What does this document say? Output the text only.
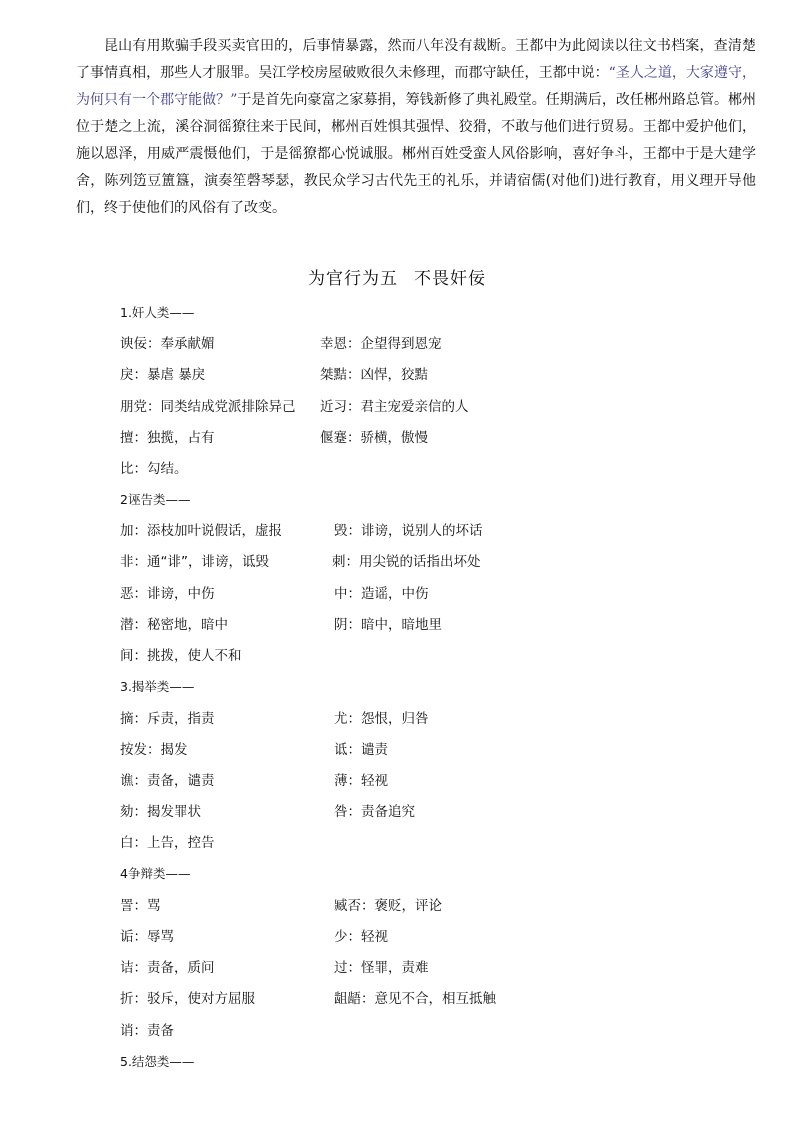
昆山有用欺骗手段买卖官田的，后事情暴露，然而八年没有裁断。王都中为此阅读以往文书档案，查清楚了事情真相，那些人才服罪。吴江学校房屋破败很久未修理，而郡守缺任，王都中说：“圣人之道，大家遵守，为何只有一个郡守能做？”于是首先向豪富之家募捐，筹钱新修了典礼殿堂。任期满后，改任郴州路总管。郴州位于楚之上流，溪谷洞徭獠往来于民间，郴州百姓惧其强悍、狡猾，不敢与他们进行贸易。王都中爱护他们，施以恩泽，用威严震慑他们，于是徭獠都心悦诚服。郴州百姓受蛮人风俗影响，喜好争斗，王都中于是大建学舍，陈列笾豆簠簋，演奏笙磬琴瑟，教民众学习古代先王的礼乐，并请宿儒(对他们)进行教育，用义理开导他们，终于使他们的风俗有了改变。

为官行为五 不畏奸佞
1.奸人类——
谀佞：奉承献媚	幸恩：企望得到恩宠
戾：暴虐 暴戾	桀黠：凶悍，狡黠
朋党：同类结成党派排除异己 近习：君主宠爱亲信的人
擅：独揽，占有	偃蹇：骄横，傲慢
比：勾结。
2诬告类——
加：添枝加叶说假话，虚报	毁：诽谤，说别人的坏话
非：通“诽”，诽谤，诋毁	刺：用尖锐的话指出坏处
恶：诽谤，中伤	中：造谣，中伤
潜：秘密地，暗中	阴：暗中，暗地里
间：挑拨，使人不和
3.揭举类——
摘：斥责，指责	尤：怨恨，归咎
按发：揭发	诋：谴责
谯：责备，谴责	薄：轻视
劾：揭发罪状	咎：责备追究
白：上告，控告
4争辩类——
詈：骂	臧否：褒贬，评论
诟：辱骂	少：轻视
诘：责备，质问	过：怪罪，责难
折：驳斥，使对方屈服	龃龉：意见不合，相互抵触
诮：责备
5.结怨类——
